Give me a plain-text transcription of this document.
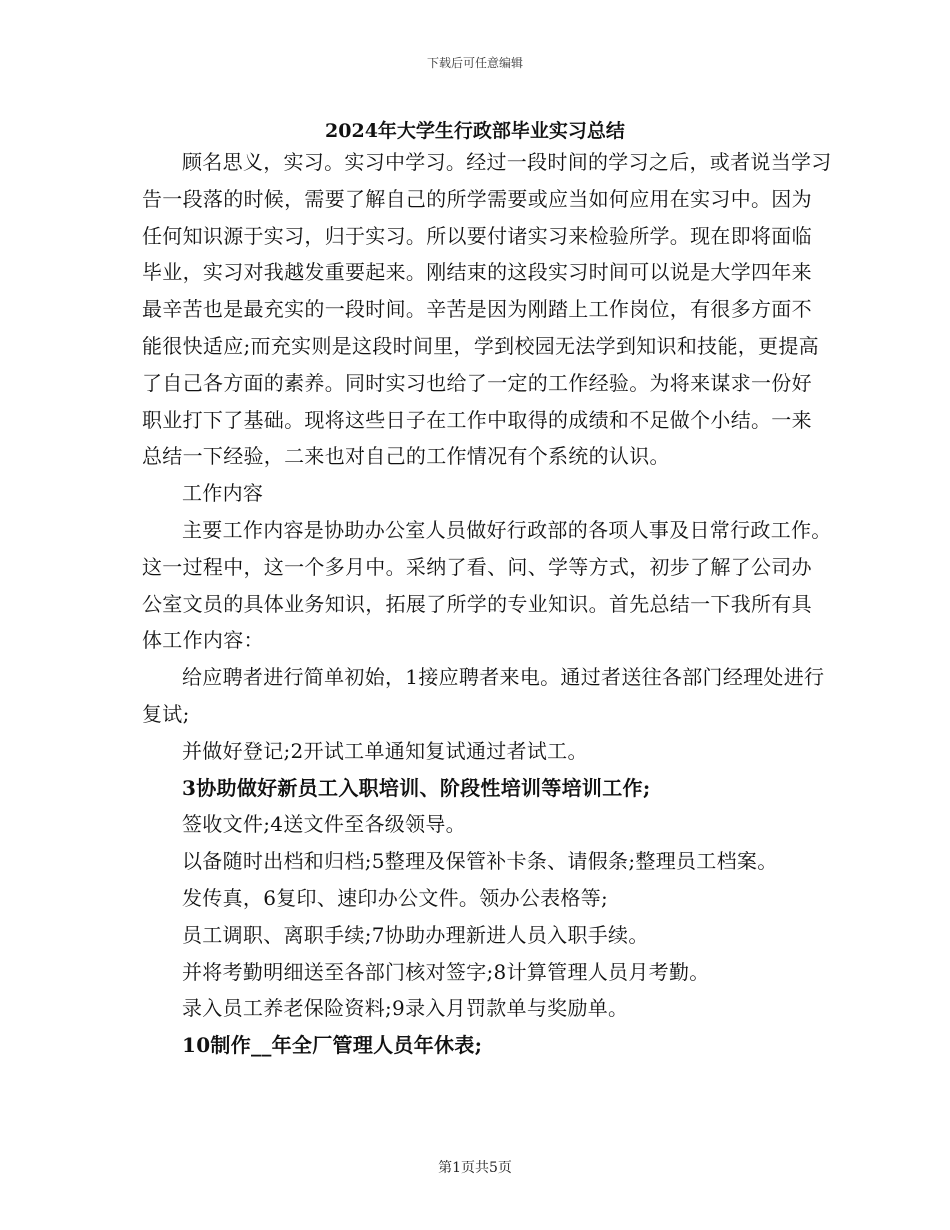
下载后可任意编辑
2024年大学生行政部毕业实习总结

顾名思义，实习。实习中学习。经过一段时间的学习之后，或者说当学习告一段落的时候，需要了解自己的所学需要或应当如何应用在实习中。因为任何知识源于实习，归于实习。所以要付诸实习来检验所学。现在即将面临毕业，实习对我越发重要起来。刚结束的这段实习时间可以说是大学四年来最辛苦也是最充实的一段时间。辛苦是因为刚踏上工作岗位，有很多方面不能很快适应;而充实则是这段时间里，学到校园无法学到知识和技能，更提高了自己各方面的素养。同时实习也给了一定的工作经验。为将来谋求一份好职业打下了基础。现将这些日子在工作中取得的成绩和不足做个小结。一来总结一下经验，二来也对自己的工作情况有个系统的认识。

工作内容

主要工作内容是协助办公室人员做好行政部的各项人事及日常行政工作。这一过程中，这一个多月中。采纳了看、问、学等方式，初步了解了公司办公室文员的具体业务知识，拓展了所学的专业知识。首先总结一下我所有具体工作内容：

给应聘者进行简单初始，1接应聘者来电。通过者送往各部门经理处进行复试;

并做好登记;2开试工单通知复试通过者试工。

3协助做好新员工入职培训、阶段性培训等培训工作;

签收文件;4送文件至各级领导。

以备随时出档和归档;5整理及保管补卡条、请假条;整理员工档案。

发传真，6复印、速印办公文件。领办公表格等;

员工调职、离职手续;7协助办理新进人员入职手续。

并将考勤明细送至各部门核对签字;8计算管理人员月考勤。

录入员工养老保险资料;9录入月罚款单与奖励单。

10制作__年全厂管理人员年休表;

第1页共5页
